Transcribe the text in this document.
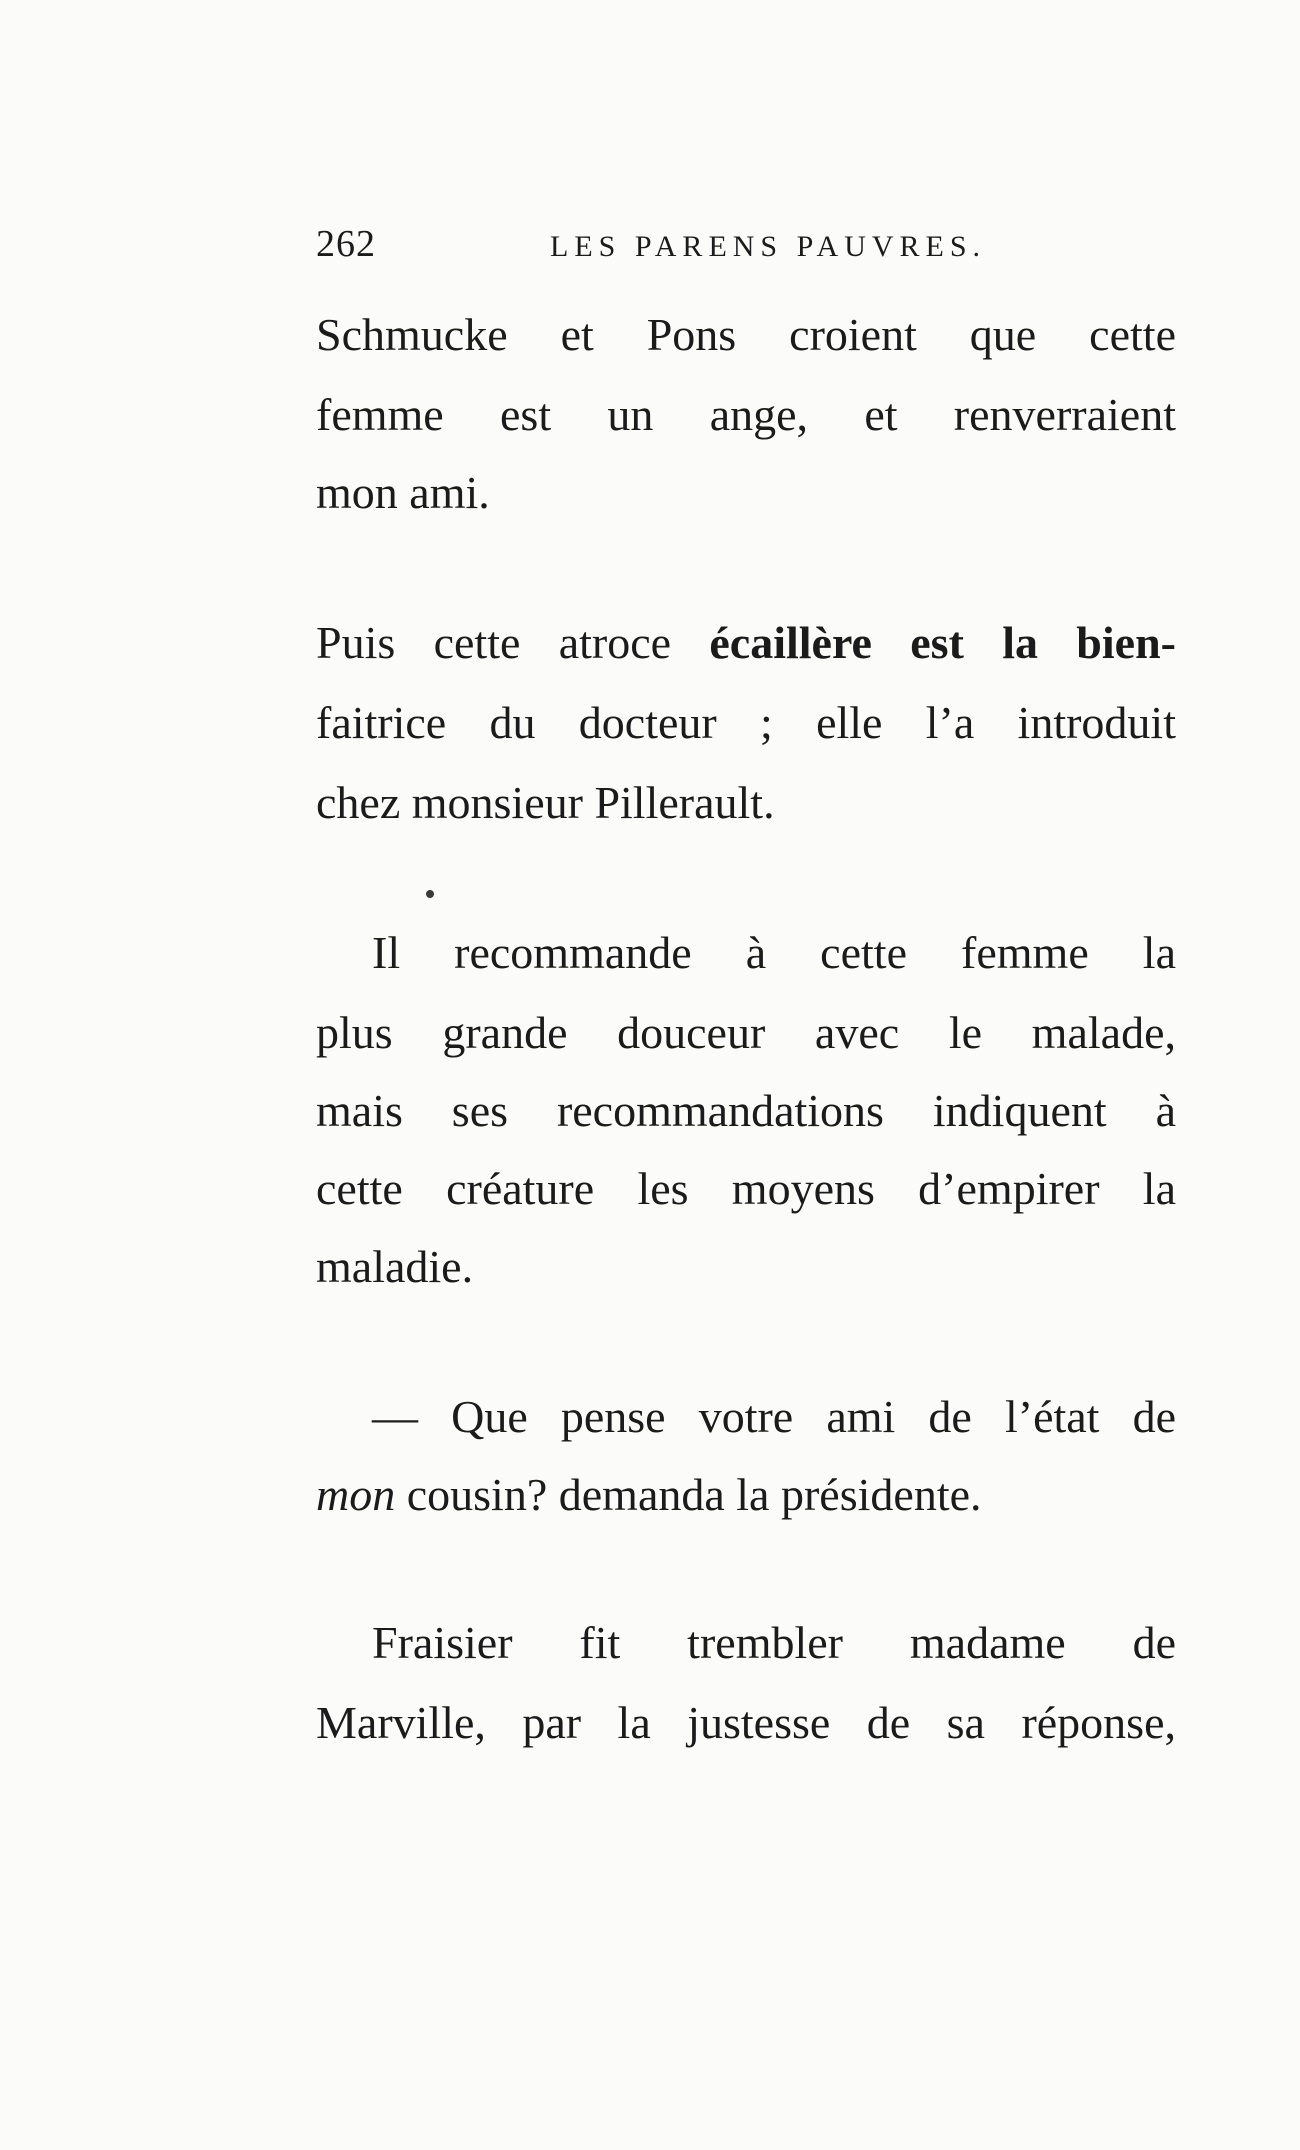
262	LES PARENS PAUVRES.
Schmucke et Pons croient que cette
femme est un ange, et renverraient
mon ami.
Puis cette atroce écaillère est la bien-
faitrice du docteur ; elle l’a introduit
chez monsieur Pillerault.
Il recommande à cette femme la
plus grande douceur avec le malade,
mais ses recommandations indiquent à
cette créature les moyens d’empirer la
maladie.
— Que pense votre ami de l’état de
mon cousin? demanda la présidente.
Fraisier fit trembler madame de
Marville, par la justesse de sa réponse,
